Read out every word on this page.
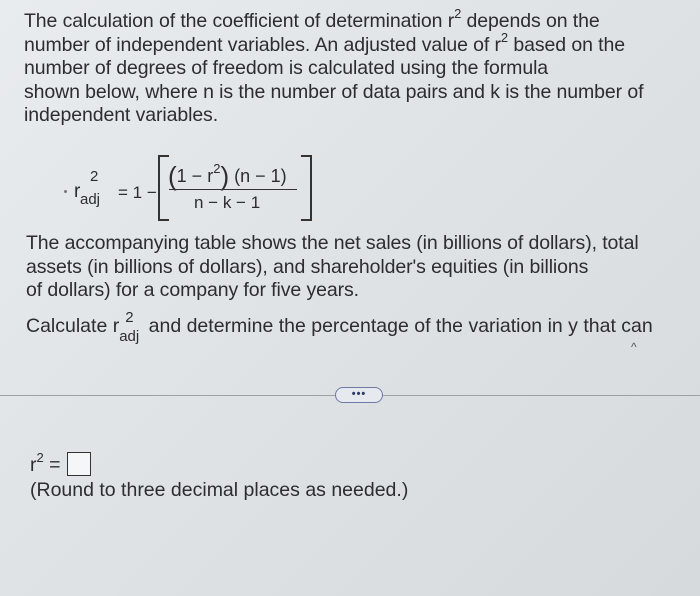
The calculation of the coefficient of determination $r^2$ depends on the
number of independent variables. An adjusted value of $r^2$ based on the
number of degrees of freedom is calculated using the formula
shown below, where n is the number of data pairs and k is the number of
independent variables.
r
2
adj = 1 −
$(1 - r^2)$ (n − 1)
n − k − 1
The accompanying table shows the net sales (in billions of dollars), total
assets (in billions of dollars), and shareholder's equities (in billions
of dollars) for a company for five years.
Calculate r 2
adj and determine the percentage of the variation in y that can
^
•••
$r^2$ =
(Round to three decimal places as needed.)
